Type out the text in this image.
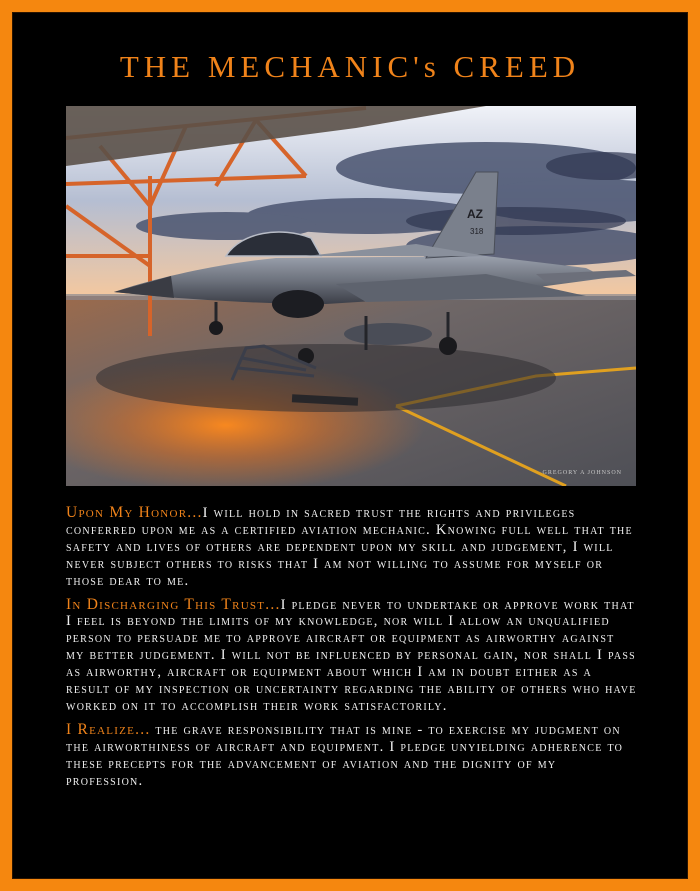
THE MECHANIC's CREED
AZ
318
GREGORY A JOHNSON

Upon My Honor...I will hold in sacred trust the rights and privileges conferred upon me as a certified aviation mechanic. Knowing full well that the safety and lives of others are dependent upon my skill and judgement, I will never subject others to risks that I am not willing to assume for myself or those dear to me.

In Discharging This Trust...I pledge never to undertake or approve work that I feel is beyond the limits of my knowledge, nor will I allow an unqualified person to persuade me to approve aircraft or equipment as airworthy against my better judgement. I will not be influenced by personal gain, nor shall I pass as airworthy, aircraft or equipment about which I am in doubt either as a result of my inspection or uncertainty regarding the ability of others who have worked on it to accomplish their work satisfactorily.

I Realize... the grave responsibility that is mine - to exercise my judgment on the airworthiness of aircraft and equipment. I pledge unyielding adherence to these precepts for the advancement of aviation and the dignity of my profession.
